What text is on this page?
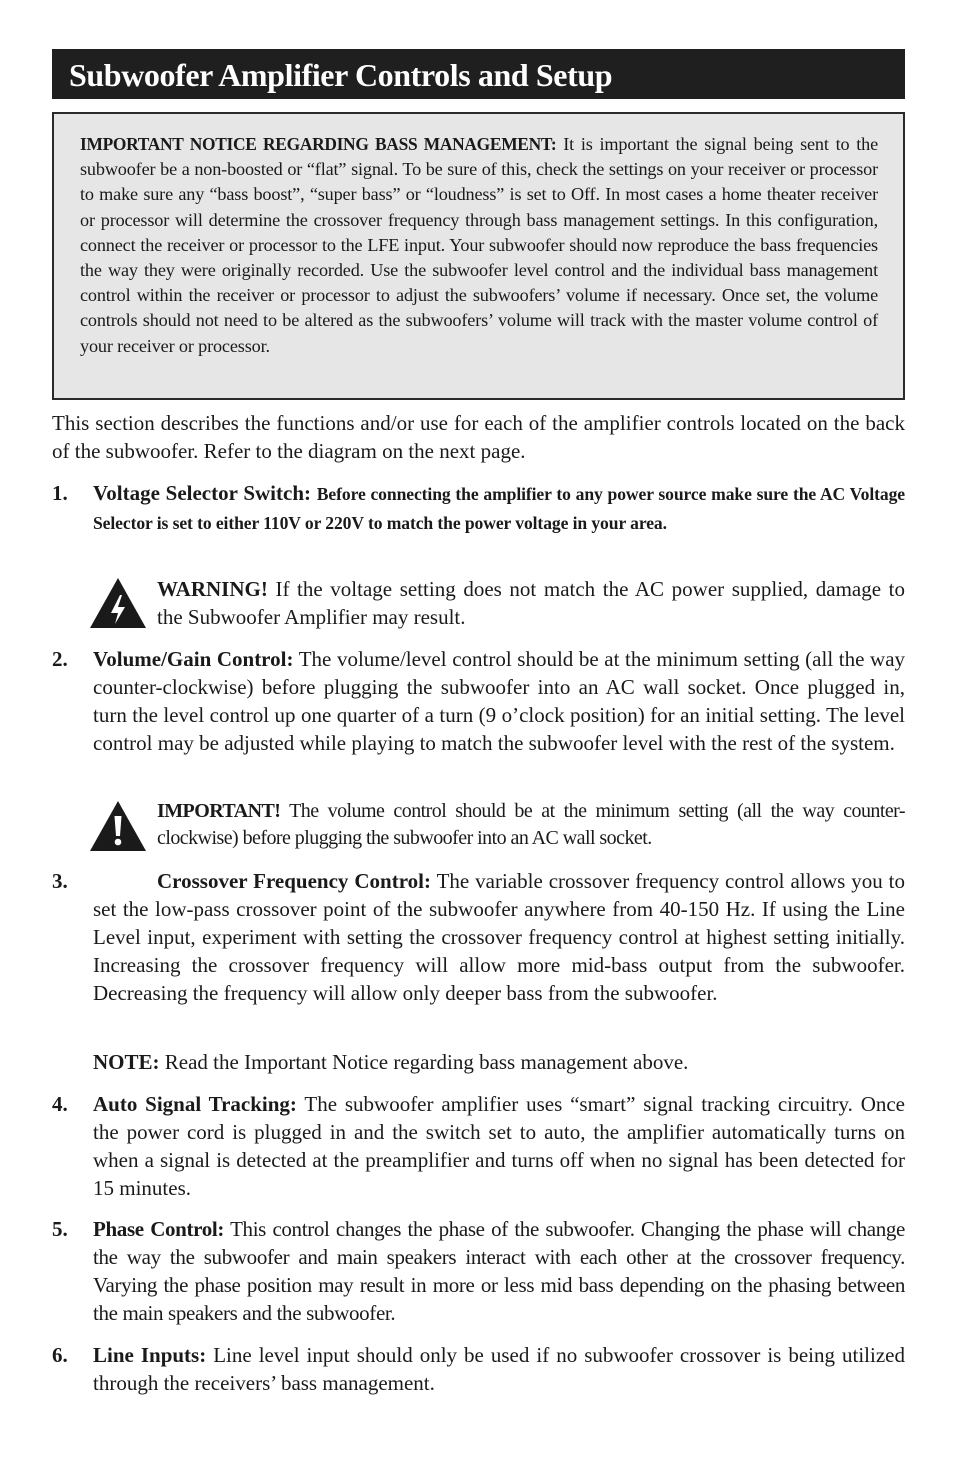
Subwoofer Amplifier Controls and Setup
IMPORTANT NOTICE REGARDING BASS MANAGEMENT: It is important the signal being sent to the subwoofer be a non-boosted or “flat” signal. To be sure of this, check the settings on your receiver or processor to make sure any “bass boost”, “super bass” or “loudness” is set to Off. In most cases a home theater receiver or processor will determine the crossover frequency through bass management settings. In this configuration, connect the receiver or processor to the LFE input. Your subwoofer should now reproduce the bass frequencies the way they were originally recorded. Use the subwoofer level control and the individual bass management control within the receiver or processor to adjust the subwoofers’ volume if necessary. Once set, the volume controls should not need to be altered as the subwoofers’ volume will track with the master volume control of your receiver or processor.

This section describes the functions and/or use for each of the amplifier controls located on the back of the subwoofer. Refer to the diagram on the next page.

1. Voltage Selector Switch: Before connecting the amplifier to any power source make sure the AC Voltage Selector is set to either 110V or 220V to match the power voltage in your area.
WARNING! If the voltage setting does not match the AC power supplied, damage to the Subwoofer Amplifier may result.
2. Volume/Gain Control: The volume/level control should be at the minimum setting (all the way counter-clockwise) before plugging the subwoofer into an AC wall socket. Once plugged in, turn the level control up one quarter of a turn (9 o’clock position) for an initial setting. The level control may be adjusted while playing to match the subwoofer level with the rest of the system.
IMPORTANT! The volume control should be at the minimum setting (all the way counter-clockwise) before plugging the subwoofer into an AC wall socket.
3.	Crossover Frequency Control: The variable crossover frequency control allows you to set the low-pass crossover point of the subwoofer anywhere from 40-150 Hz. If using the Line Level input, experiment with setting the crossover frequency control at highest setting initially. Increasing the crossover frequency will allow more mid-bass output from the subwoofer. Decreasing the frequency will allow only deeper bass from the subwoofer.
NOTE: Read the Important Notice regarding bass management above.
4. Auto Signal Tracking: The subwoofer amplifier uses “smart” signal tracking circuitry. Once the power cord is plugged in and the switch set to auto, the amplifier automatically turns on when a signal is detected at the preamplifier and turns off when no signal has been detected for 15 minutes.
5. Phase Control: This control changes the phase of the subwoofer. Changing the phase will change the way the subwoofer and main speakers interact with each other at the crossover frequency. Varying the phase position may result in more or less mid bass depending on the phasing between the main speakers and the subwoofer.
6. Line Inputs: Line level input should only be used if no subwoofer crossover is being utilized through the receivers’ bass management.
